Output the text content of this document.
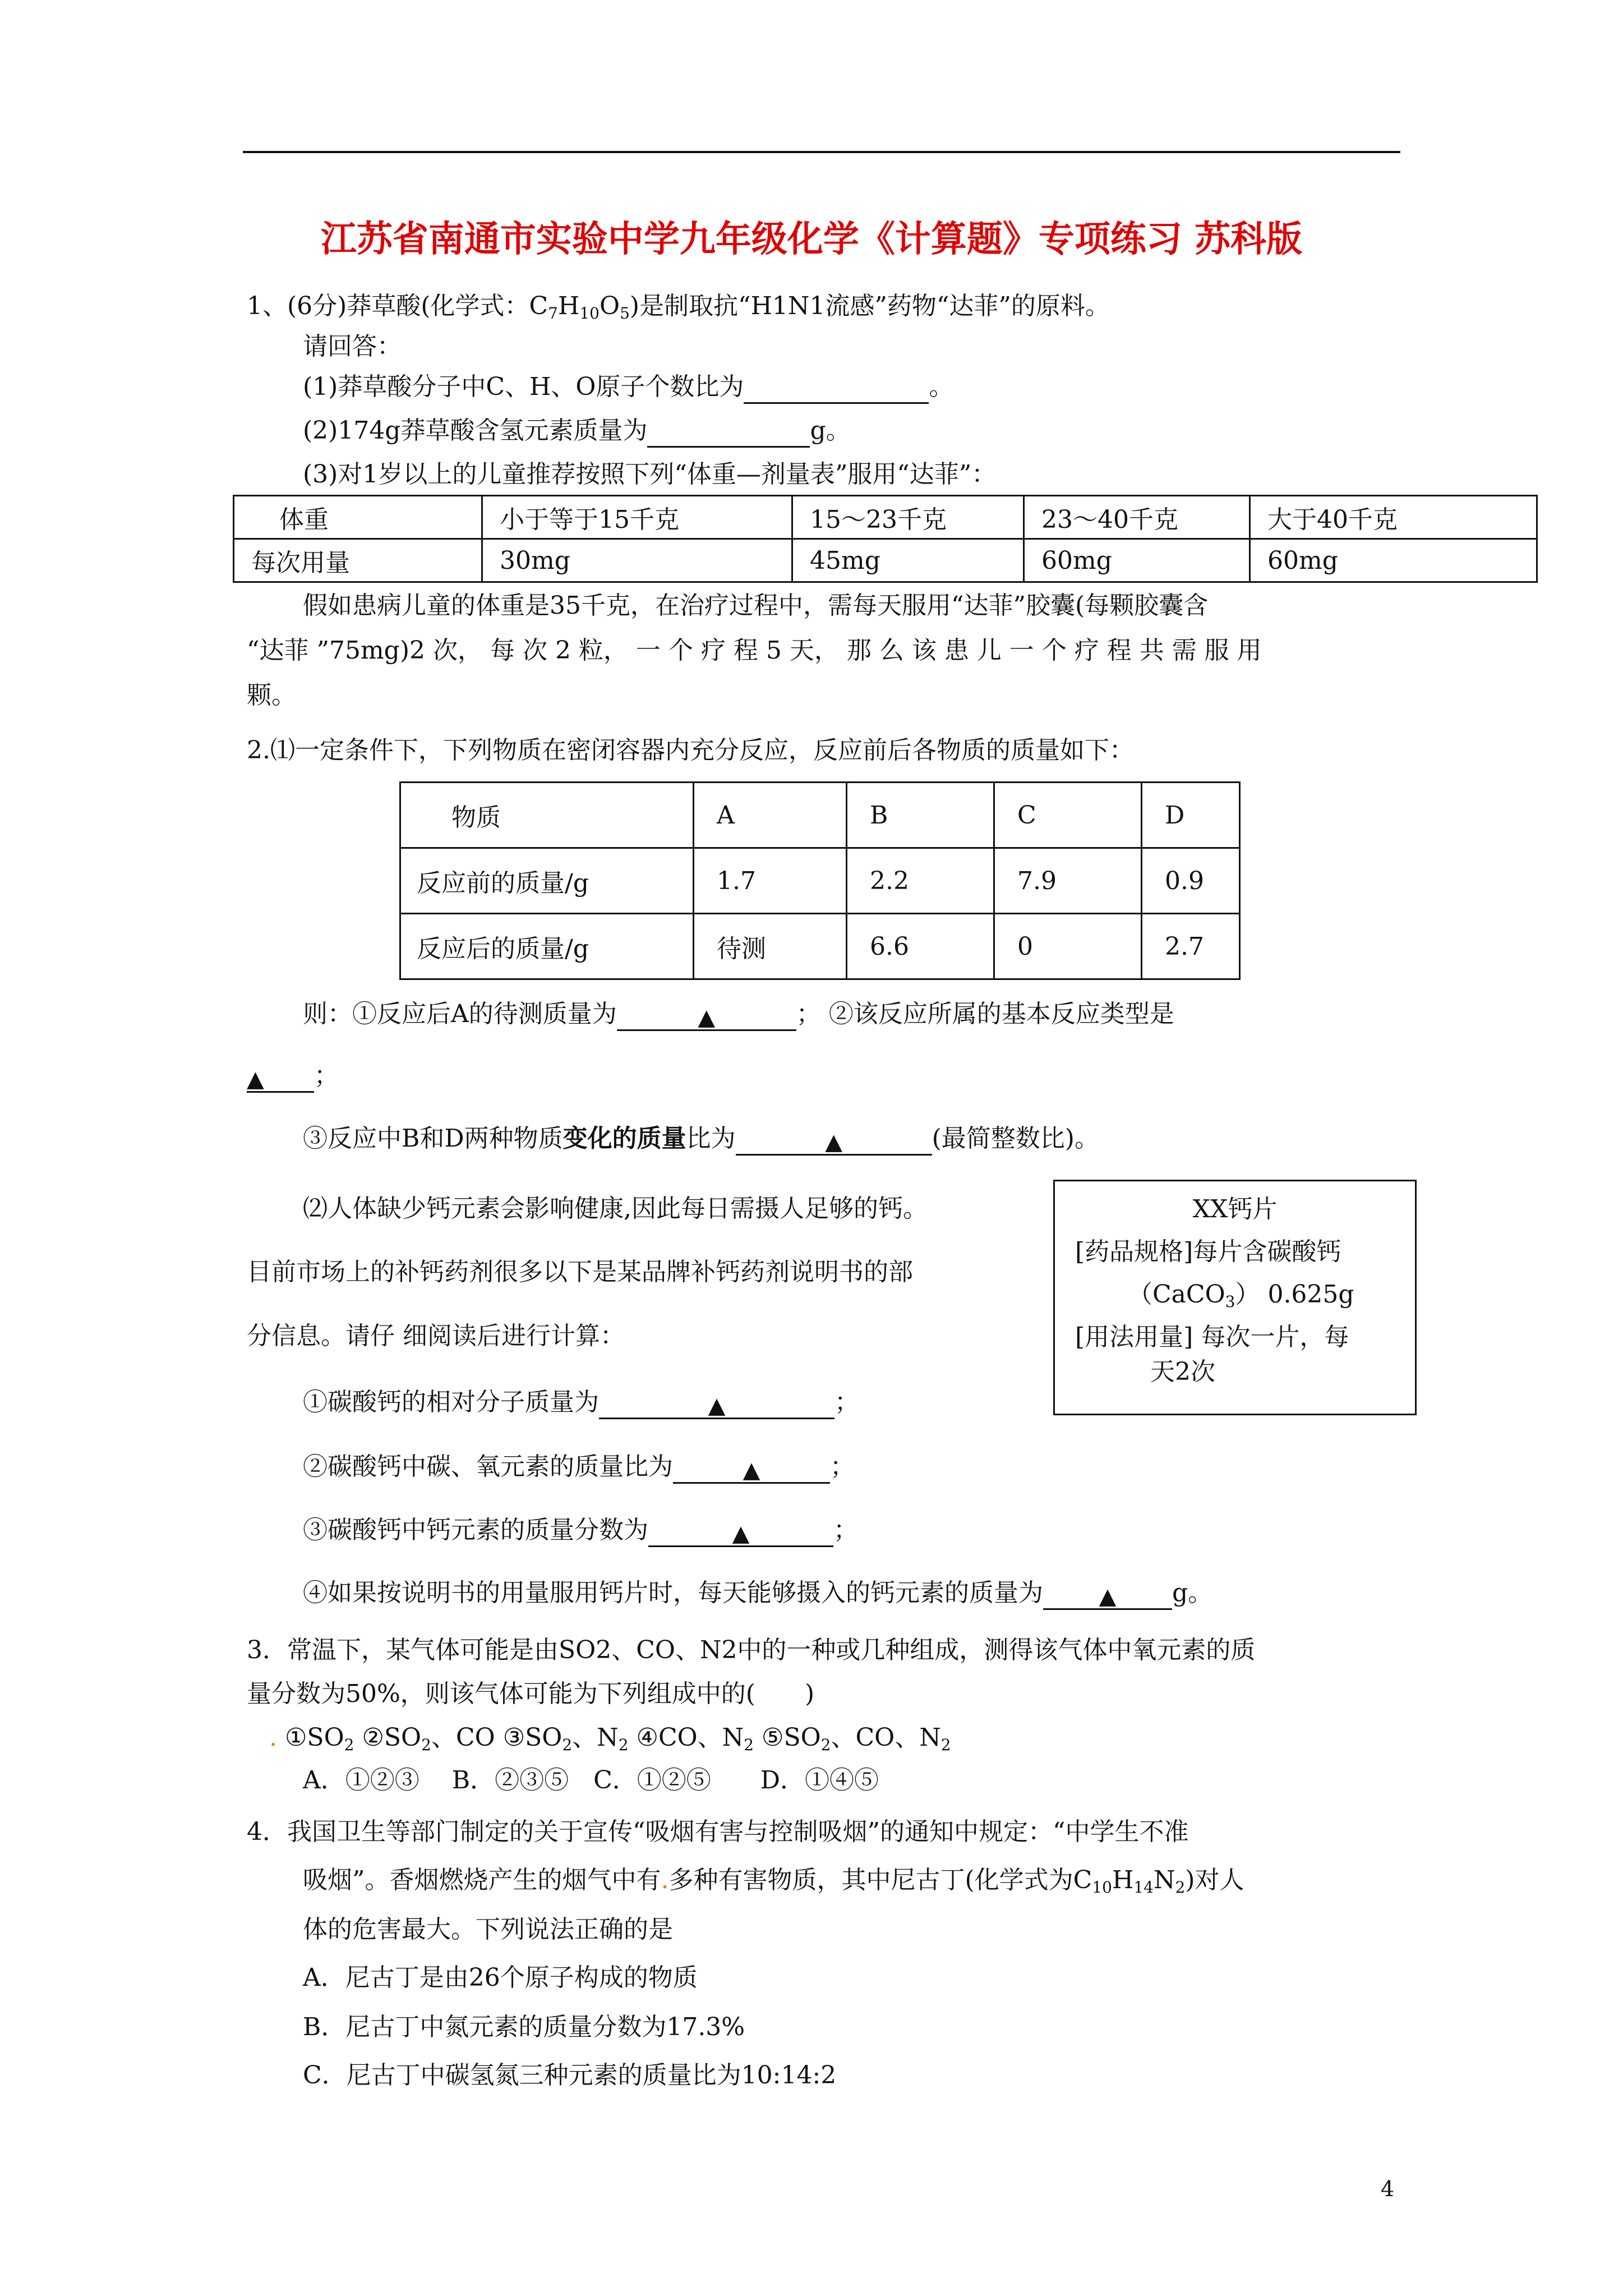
江苏省南通市实验中学九年级化学《计算题》专项练习 苏科版
1、(6分)莽草酸(化学式：$C_7H_{10}O_5$)是制取抗“H1N1流感”药物“达菲”的原料。
请回答：
(1)莽草酸分子中C、H、O原子个数比为	。
(2)174g莽草酸含氢元素质量为	g。
(3)对1岁以上的儿童推荐按照下列“体重—剂量表”服用“达菲”：
体重	小于等于15千克	15～23千克	23～40千克	大于40千克
每次用量	30mg	45mg	60mg	60mg
假如患病儿童的体重是35千克，在治疗过程中，需每天服用“达菲”胶囊(每颗胶囊含
“达菲 ”75mg)2 次， 每 次 2 粒， 一 个 疗 程 5 天， 那 么 该 患 儿 一 个 疗 程 共 需 服 用
颗。
2.⑴一定条件下，下列物质在密闭容器内充分反应，反应前后各物质的质量如下：
物质	A	B	C	D
反应前的质量/g	1.7	2.2	7.9	0.9
反应后的质量/g	待测	6.6	0	2.7
则：①反应后A的待测质量为	▲	； ②该反应所属的基本反应类型是
▲ ；
③反应中B和D两种物质变化的质量比为	▲	(最简整数比)。
⑵人体缺少钙元素会影响健康,因此每日需摄人足够的钙。
目前市场上的补钙药剂很多以下是某品牌补钙药剂说明书的部
分信息。请仔 细阅读后进行计算：
XX钙片
[药品规格]每片含碳酸钙
（CaCO$_3$） 0.625g
[用法用量] 每次一片，每
天2次
①碳酸钙的相对分子质量为	▲	；
②碳酸钙中碳、氧元素的质量比为	▲	；
③碳酸钙中钙元素的质量分数为	▲	；
④如果按说明书的用量服用钙片时，每天能够摄入的钙元素的质量为 ▲ g。
3．常温下，某气体可能是由SO2、CO、N2中的一种或几种组成，测得该气体中氧元素的质
量分数为50%，则该气体可能为下列组成中的(　　)
. $①SO_2$ $②SO_2$、CO $③SO_2$、$N_2$ ④CO、$N_2$ $⑤SO_2$、CO、$N_2$
A．①②③　 B．②③⑤　C．①②⑤　　D．①④⑤
4．我国卫生等部门制定的关于宣传“吸烟有害与控制吸烟”的通知中规定：“中学生不准
吸烟”。香烟燃烧产生的烟气中有.多种有害物质，其中尼古丁(化学式为$C_{10}H_{14}N_2$)对人
体的危害最大。下列说法正确的是
A．尼古丁是由26个原子构成的物质
B．尼古丁中氮元素的质量分数为17.3%
C．尼古丁中碳氢氮三种元素的质量比为10:14:2
4
